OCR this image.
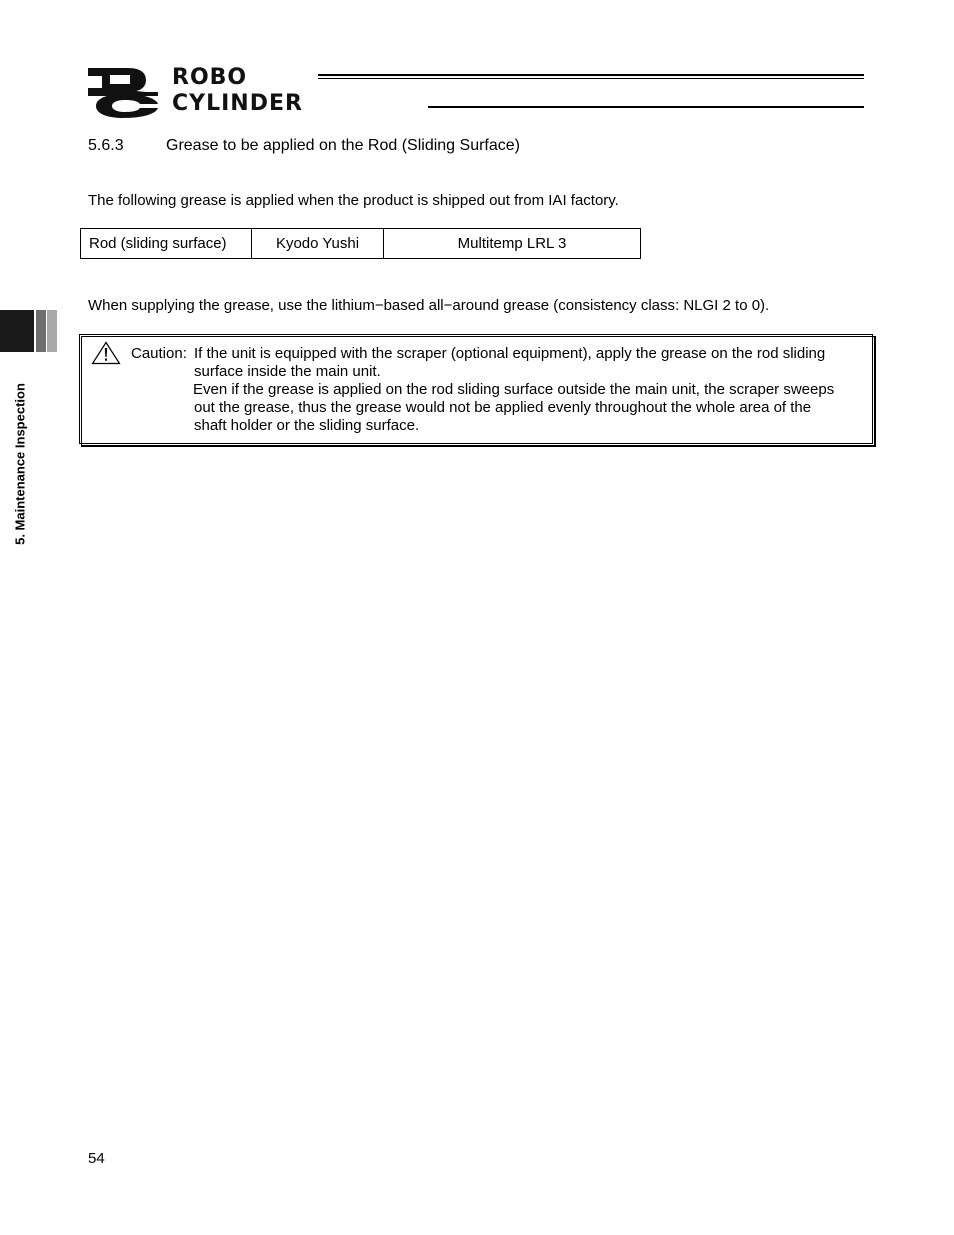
ROBO
CYLINDER
5. Maintenance Inspection
5.6.3	Grease to be applied on the Rod (Sliding Surface)
The following grease is applied when the product is shipped out from IAI factory.
Rod (sliding surface)	Kyodo Yushi	Multitemp LRL 3
When supplying the grease, use the lithium−based all−around grease (consistency class: NLGI 2 to 0).
Caution: If the unit is equipped with the scraper (optional equipment), apply the grease on the rod sliding
surface inside the main unit.
Even if the grease is applied on the rod sliding surface outside the main unit, the scraper sweeps
out the grease, thus the grease would not be applied evenly throughout the whole area of the
shaft holder or the sliding surface.
54
